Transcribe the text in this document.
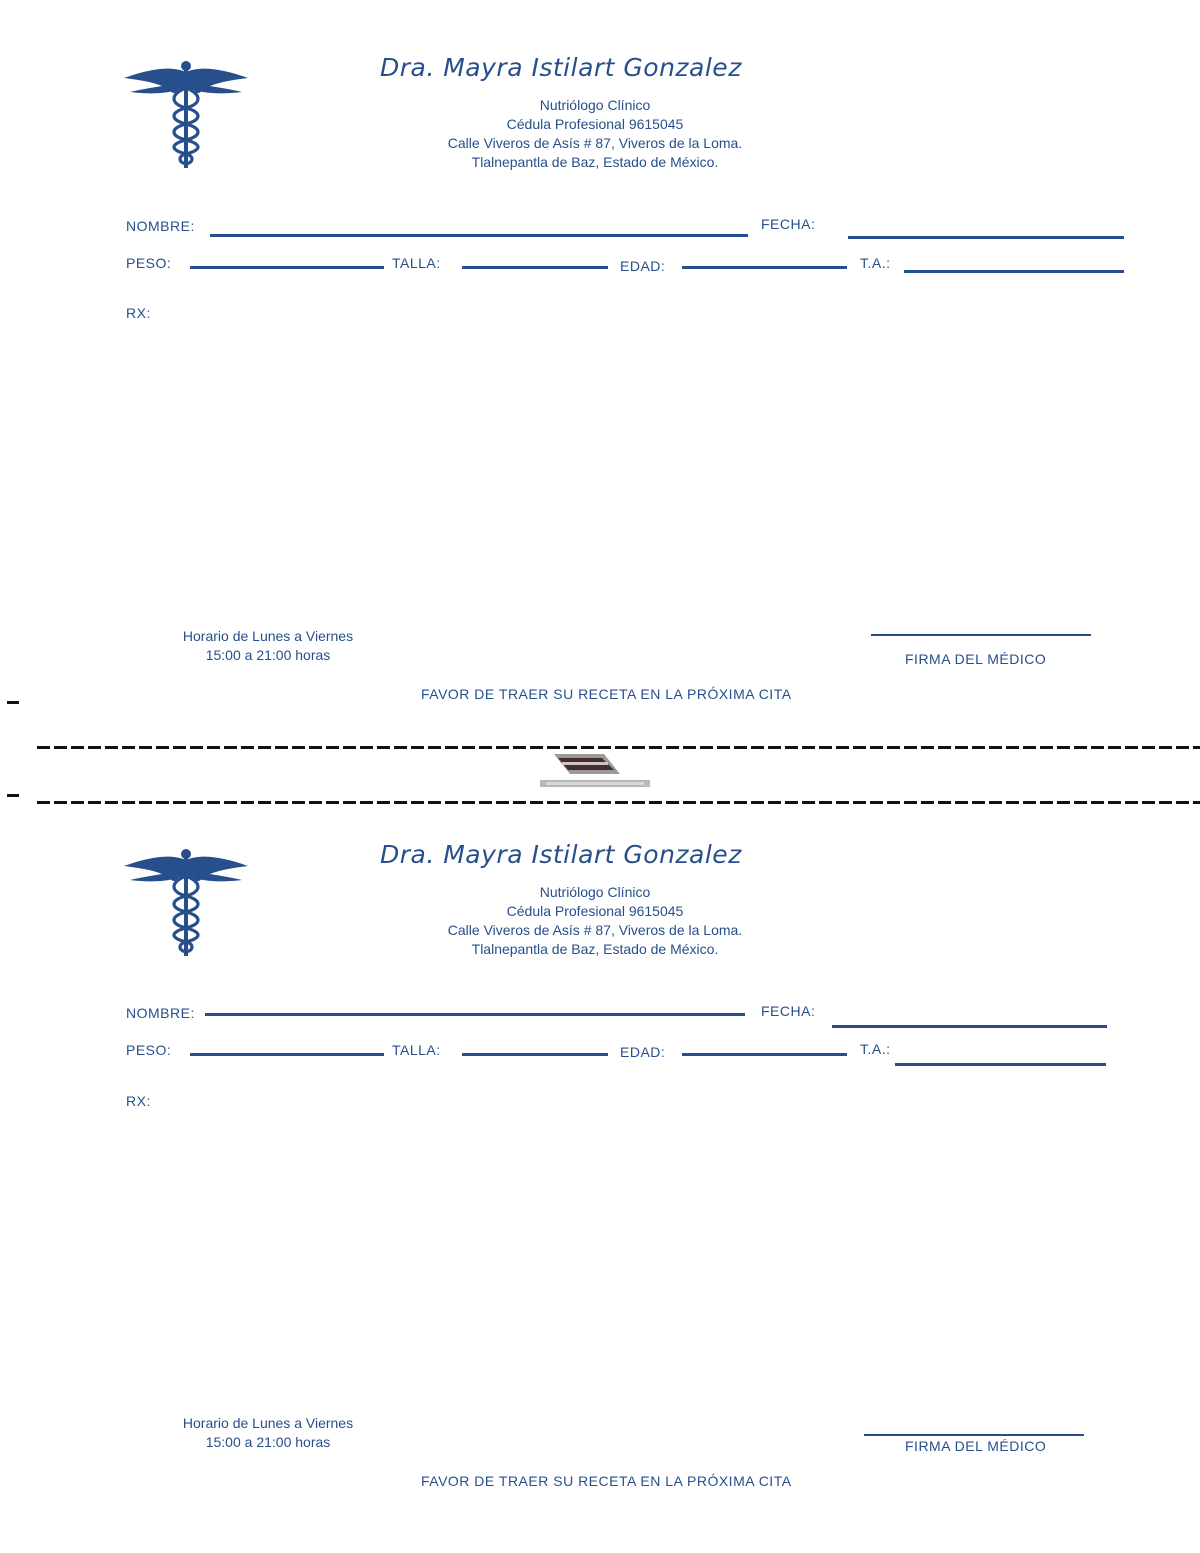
Dra. Mayra Istilart Gonzalez
Nutriólogo Clínico
Cédula Profesional 9615045
Calle Viveros de Asís # 87, Viveros de la Loma.
Tlalnepantla de Baz, Estado de México.
NOMBRE:	FECHA:
PESO:	TALLA:	EDAD:	T.A.:
RX:
Horario de Lunes a Viernes
15:00 a 21:00 horas	FIRMA DEL MÉDICO
FAVOR DE TRAER SU RECETA EN LA PRÓXIMA CITA
Dra. Mayra Istilart Gonzalez
Nutriólogo Clínico
Cédula Profesional 9615045
Calle Viveros de Asís # 87, Viveros de la Loma.
Tlalnepantla de Baz, Estado de México.
NOMBRE:	FECHA:
PESO:	TALLA:	EDAD:	T.A.:
RX:
Horario de Lunes a Viernes
15:00 a 21:00 horas	FIRMA DEL MÉDICO
FAVOR DE TRAER SU RECETA EN LA PRÓXIMA CITA
